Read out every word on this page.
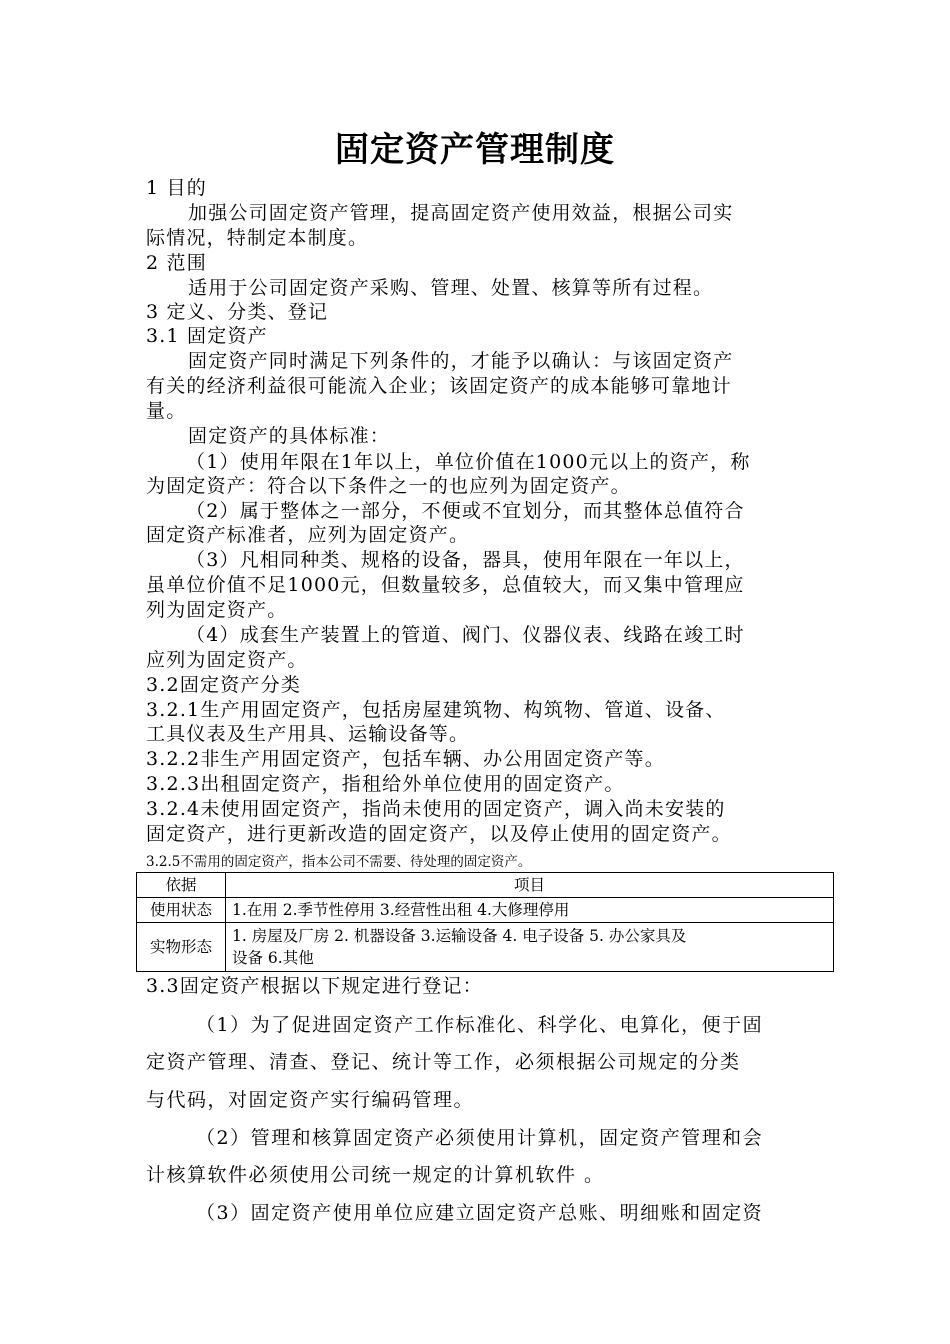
固定资产管理制度
1 目的
加强公司固定资产管理，提高固定资产使用效益，根据公司实
际情况，特制定本制度。
2 范围
适用于公司固定资产采购、管理、处置、核算等所有过程。
3 定义、分类、登记
3.1 固定资产
固定资产同时满足下列条件的，才能予以确认：与该固定资产
有关的经济利益很可能流入企业；该固定资产的成本能够可靠地计
量。
固定资产的具体标准：
（1）使用年限在1年以上，单位价值在1000元以上的资产，称
为固定资产：符合以下条件之一的也应列为固定资产。
（2）属于整体之一部分，不便或不宜划分，而其整体总值符合
固定资产标准者，应列为固定资产。
（3）凡相同种类、规格的设备，器具，使用年限在一年以上，
虽单位价值不足1000元，但数量较多，总值较大，而又集中管理应
列为固定资产。
（4）成套生产装置上的管道、阀门、仪器仪表、线路在竣工时
应列为固定资产。
3.2固定资产分类
3.2.1生产用固定资产，包括房屋建筑物、构筑物、管道、设备、
工具仪表及生产用具、运输设备等。
3.2.2非生产用固定资产，包括车辆、办公用固定资产等。
3.2.3出租固定资产，指租给外单位使用的固定资产。
3.2.4未使用固定资产，指尚未使用的固定资产，调入尚未安装的
固定资产，进行更新改造的固定资产，以及停止使用的固定资产。
3.2.5不需用的固定资产，指本公司不需要、待处理的固定资产。
依据	项目
使用状态	1.在用 2.季节性停用 3.经营性出租 4.大修理停用
实物形态	1. 房屋及厂房 2. 机器设备 3.运输设备 4. 电子设备 5. 办公家具及
设备 6.其他
3.3固定资产根据以下规定进行登记：
（1）为了促进固定资产工作标准化、科学化、电算化，便于固
定资产管理、清查、登记、统计等工作，必须根据公司规定的分类
与代码，对固定资产实行编码管理。
（2）管理和核算固定资产必须使用计算机，固定资产管理和会
计核算软件必须使用公司统一规定的计算机软件 。
（3）固定资产使用单位应建立固定资产总账、明细账和固定资
